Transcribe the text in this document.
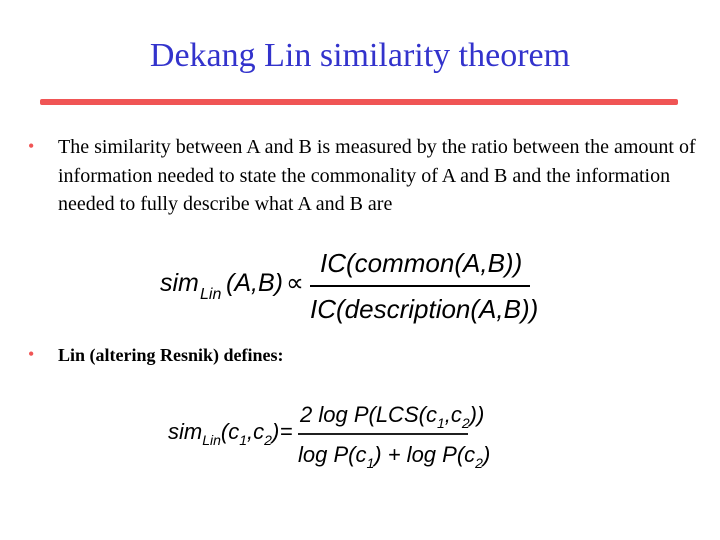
Dekang Lin similarity theorem
• The similarity between A and B is measured by the ratio between the amount of information needed to state the commonality of A and B and the information needed to fully describe what A and B are
sim Lin (A,B) ∝
IC(common(A,B))
IC(description(A,B))
• Lin (altering Resnik) defines:
$sim_{Lin}(c_1,c_2)$ =
2 $\log P(LCS(c_1,c_2))$
$\log P(c_1) + \log P(c_2)$
